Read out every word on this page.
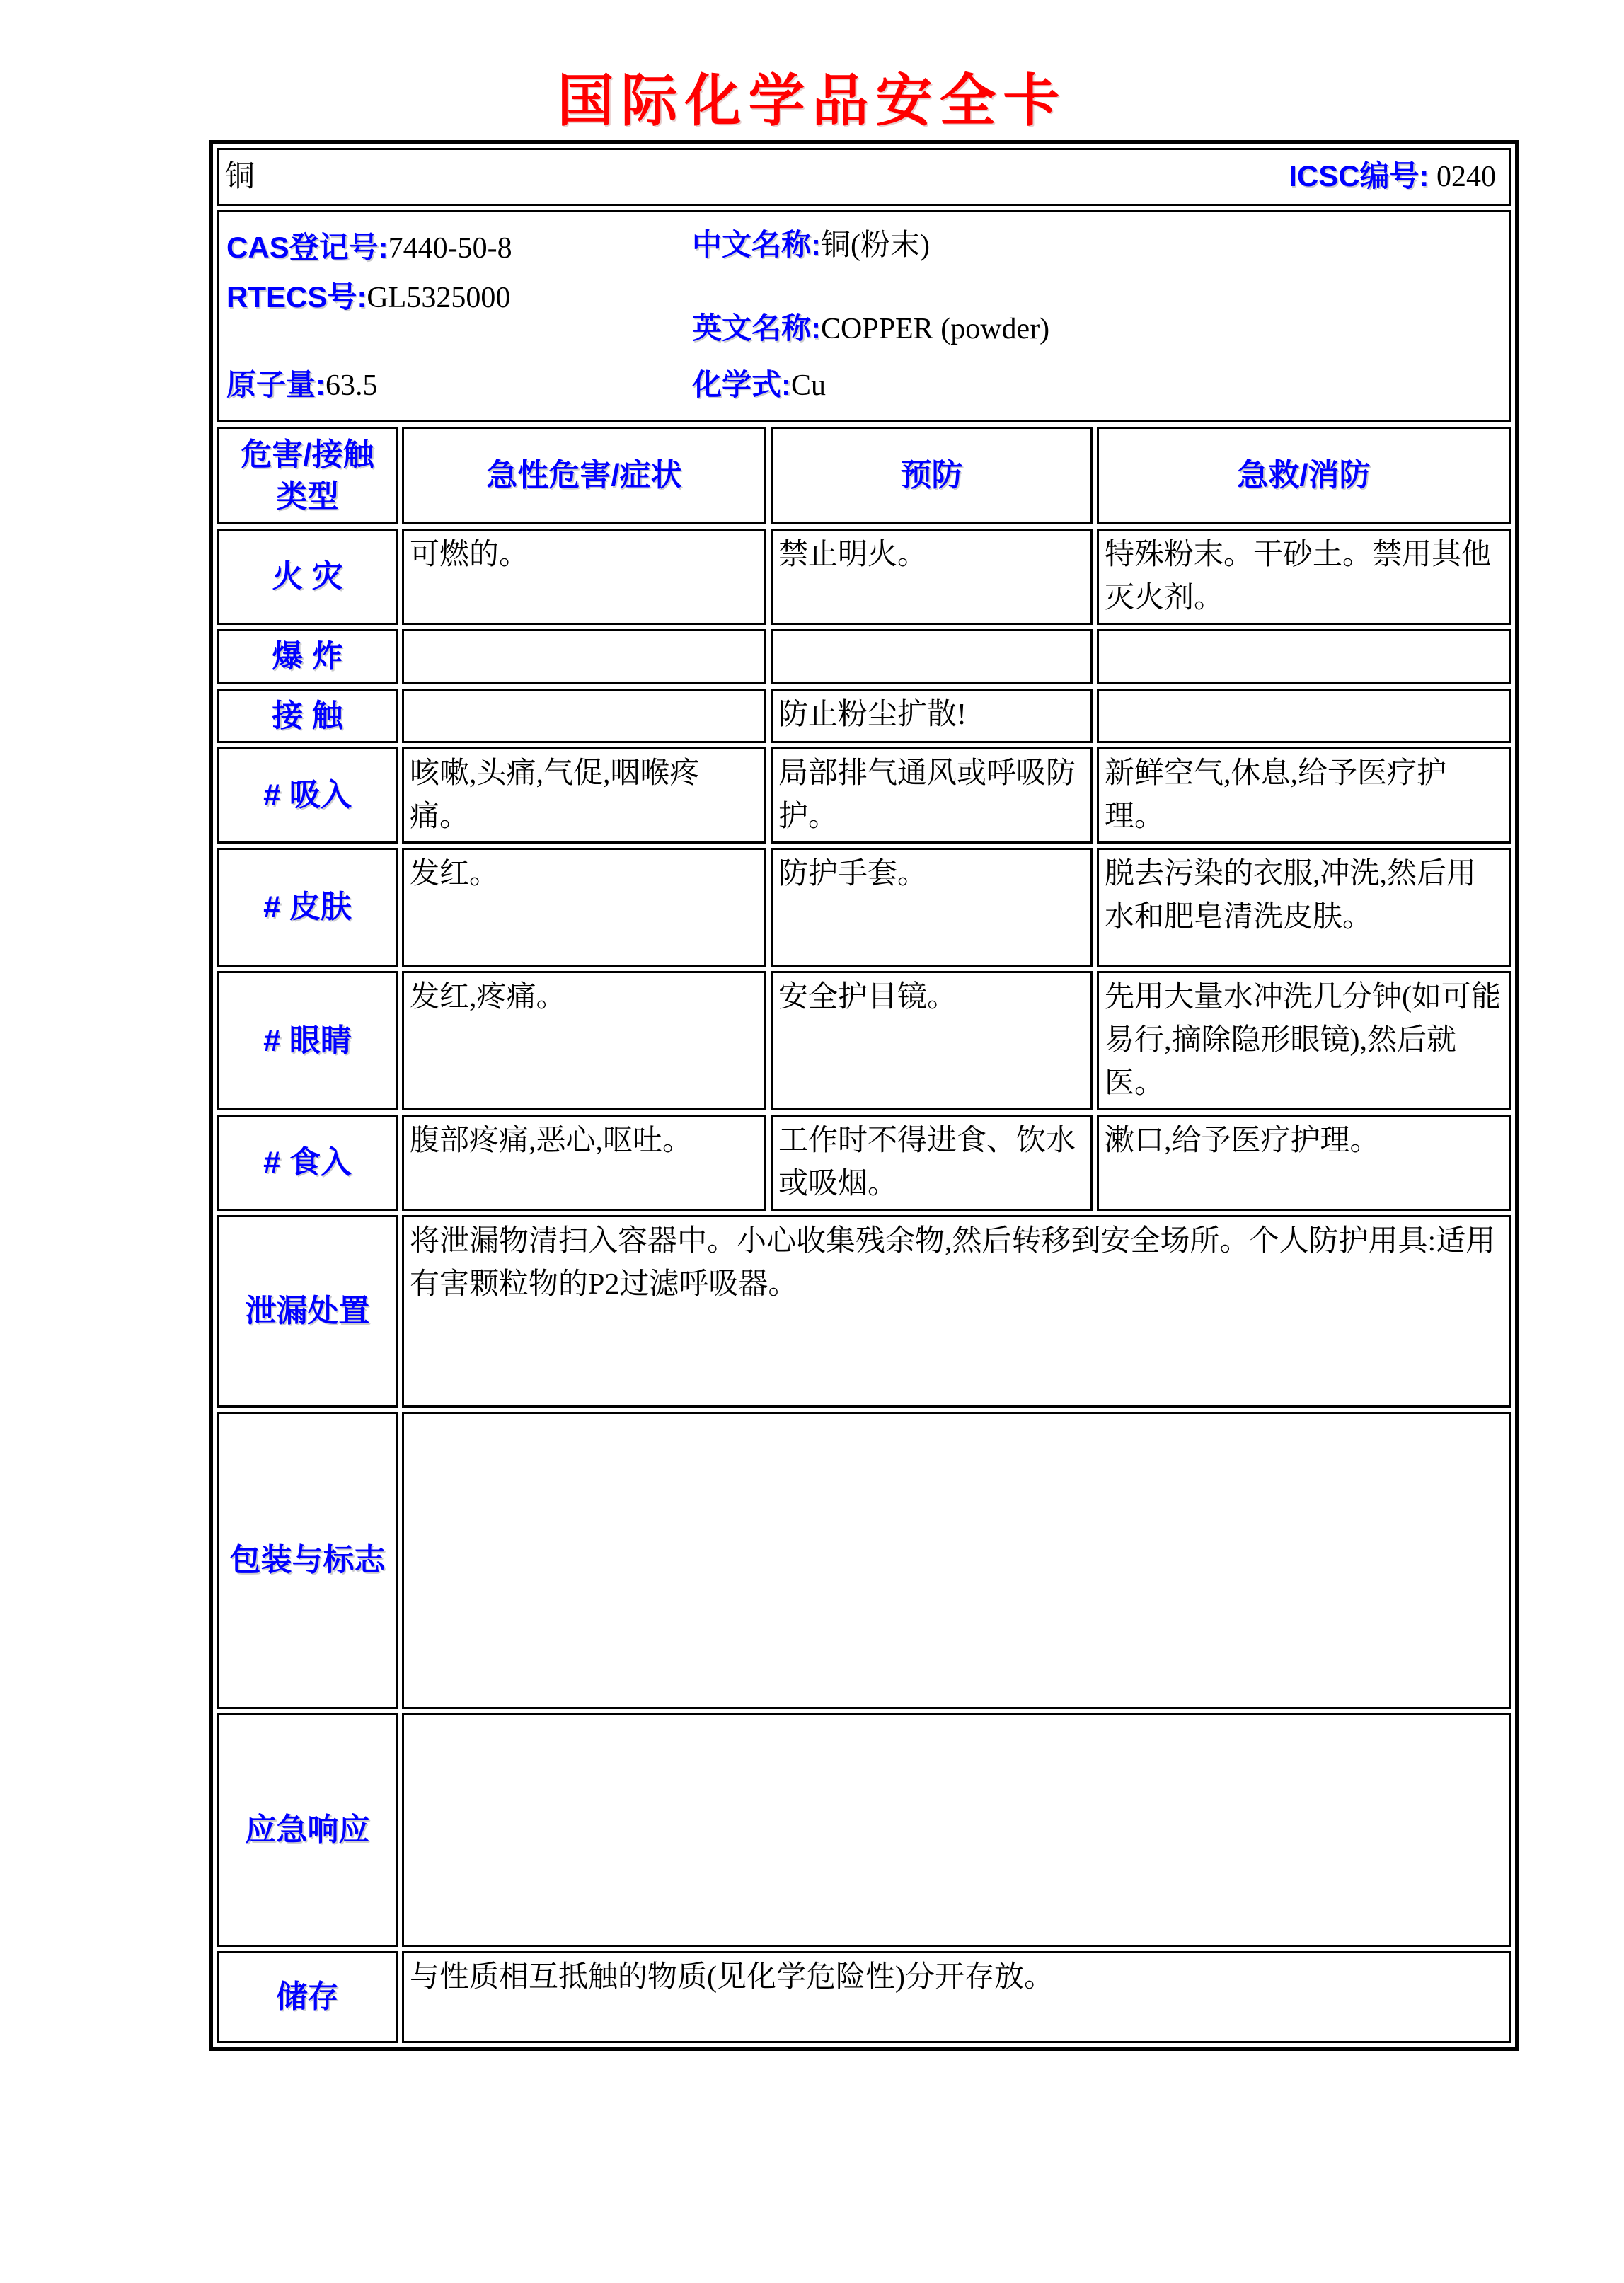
国际化学品安全卡
铜 ICSC编号: 0240			

CAS登记号:7440-50-8
RTECS号:GL5325000
原子量:63.5
中文名称:铜(粉末)
英文名称:COPPER (powder)
化学式:Cu

危害/接触
类型	急性危害/症状	预防	急救/消防
火 灾	可燃的。	禁止明火。	特殊粉末。干砂土。禁用其他灭火剂。
爆 炸			
接 触		防止粉尘扩散!	
# 吸入	咳嗽,头痛,气促,咽喉疼痛。	局部排气通风或呼吸防护。	新鲜空气,休息,给予医疗护理。
# 皮肤	发红。	防护手套。	脱去污染的衣服,冲洗,然后用水和肥皂清洗皮肤。
# 眼睛	发红,疼痛。	安全护目镜。	先用大量水冲洗几分钟(如可能易行,摘除隐形眼镜),然后就医。
# 食入	腹部疼痛,恶心,呕吐。	工作时不得进食、饮水或吸烟。	漱口,给予医疗护理。
泄漏处置	将泄漏物清扫入容器中。小心收集残余物,然后转移到安全场所。个人防护用具:适用有害颗粒物的P2过滤呼吸器。		
包装与标志			
应急响应			
储存	与性质相互抵触的物质(见化学危险性)分开存放。		
